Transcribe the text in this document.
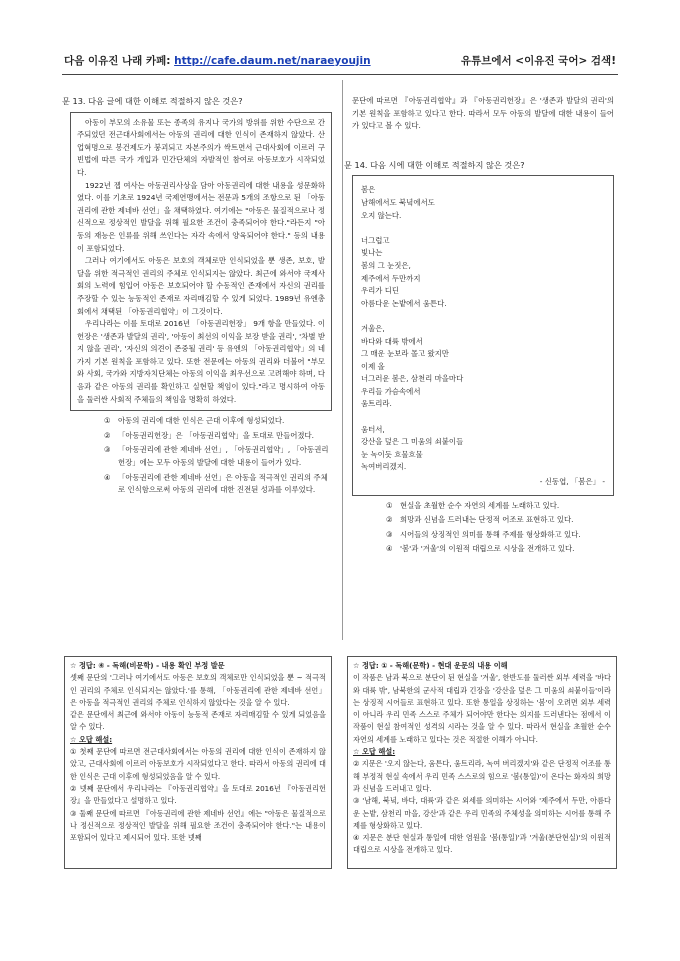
다음 이유진 나래 카페: http://cafe.daum.net/naraeyoujin	유튜브에서 <이유진 국어> 검색!
문 13. 다음 글에 대한 이해로 적절하지 않은 것은?

아동이 부모의 소유물 또는 종족의 유지나 국가의 방위를 위한 수단으로 간주되었던 전근대사회에서는 아동의 권리에 대한 인식이 존재하지 않았다. 산업혁명으로 봉건제도가 붕괴되고 자본주의가 싹트면서 근대사회에 이르러 구빈법에 따른 국가 개입과 민간단체의 자발적인 참여로 아동보호가 시작되었다.

1922년 젭 여사는 아동권리사상을 담아 아동권리에 대한 내용을 성문화하였다. 이를 기초로 1924년 국제연맹에서는 전문과 5개의 조항으로 된 「아동권리에 관한 제네바 선언」을 채택하였다. 여기에는 "아동은 물질적으로나 정신적으로 정상적인 발달을 위해 필요한 조건이 충족되어야 한다."라든지 "아동의 재능은 인류를 위해 쓰인다는 자각 속에서 양육되어야 한다." 등의 내용이 포함되었다.

그러나 여기에서도 아동은 보호의 객체로만 인식되었을 뿐 생존, 보호, 발달을 위한 적극적인 권리의 주체로 인식되지는 않았다. 최근에 와서야 국제사회의 노력에 힘입어 아동은 보호되어야 할 수동적인 존재에서 자신의 권리를 주장할 수 있는 능동적인 존재로 자리매김할 수 있게 되었다. 1989년 유엔총회에서 채택된 「아동권리협약」이 그것이다.

우리나라는 이를 토대로 2016년 「아동권리헌장」 9개 항을 만들었다. 이 헌장은 '생존과 발달의 권리', '아동이 최선의 이익을 보장 받을 권리', '차별 받지 않을 권리', '자신의 의견이 존중될 권리' 등 유엔의 「아동권리협약」의 네 가지 기본 원칙을 포함하고 있다. 또한 전문에는 아동의 권리와 더불어 "부모와 사회, 국가와 지방자치단체는 아동의 이익을 최우선으로 고려해야 하며, 다음과 같은 아동의 권리를 확인하고 실현할 책임이 있다."라고 명시하여 아동을 둘러싼 사회적 주체들의 책임을 명확히 하였다.

① 아동의 권리에 대한 인식은 근대 이후에 형성되었다.
② 「아동권리헌장」은 「아동권리협약」을 토대로 만들어졌다.
③ 「아동권리에 관한 제네바 선언」, 「아동권리협약」, 「아동권리헌장」에는 모두 아동의 발달에 대한 내용이 들어가 있다.
④ 「아동권리에 관한 제네바 선언」은 아동을 적극적인 권리의 주체로 인식함으로써 아동의 권리에 대한 진전된 성과를 이루었다.

문단에 따르면 『아동권리협약』과 『아동권리헌장』은 '생존과 발달의 권리'의 기본 원칙을 포함하고 있다고 한다. 따라서 모두 아동의 발달에 대한 내용이 들어가 있다고 볼 수 있다.

문 14. 다음 시에 대한 이해로 적절하지 않은 것은?
봄은
남해에서도 북녘에서도
오지 않는다.
너그럽고
빛나는
봄의 그 눈짓은,
제주에서 두만까지
우리가 디딘
아름다운 논밭에서 움튼다.
겨울은,
바다와 대륙 밖에서
그 매운 눈보라 몰고 왔지만
이제 올
너그러운 봄은, 삼천리 마을마다
우리들 가슴속에서
움트리라.
움터서,
강산을 덮은 그 미움의 쇠붙이들
눈 녹이듯 흐물흐물
녹여버리겠지.
- 신동엽, 「봄은」 -
① 현실을 초월한 순수 자연의 세계를 노래하고 있다.
② 희망과 신념을 드러내는 단정적 어조로 표현하고 있다.
③ 시어들의 상징적인 의미를 통해 주제를 형상화하고 있다.
④ '봄'과 '겨울'의 이원적 대립으로 시상을 전개하고 있다.
☆ 정답: ④ - 독해(비문학) - 내용 확인 부정 발문

셋째 문단의 '그러나 여기에서도 아동은 보호의 객체로만 인식되었을 뿐 ~ 적극적인 권리의 주체로 인식되지는 않았다.'를 통해, 「아동권리에 관한 제네바 선언」은 아동을 적극적인 권리의 주체로 인식하지 않았다는 것을 알 수 있다.

같은 문단에서 최근에 와서야 아동이 능동적 존재로 자리매김할 수 있게 되었음을 알 수 있다.

☆ 오답 해설:

① 첫째 문단에 따르면 전근대사회에서는 아동의 권리에 대한 인식이 존재하지 않았고, 근대사회에 이르러 아동보호가 시작되었다고 한다. 따라서 아동의 권리에 대한 인식은 근대 이후에 형성되었음을 알 수 있다.

② 넷째 문단에서 우리나라는 『아동권리협약』을 토대로 2016년 『아동권리헌장』을 만들었다고 설명하고 있다.

③ 둘째 문단에 따르면 『아동권리에 관한 제네바 선언』에는 "아동은 물질적으로나 정신적으로 정상적인 발달을 위해 필요한 조건이 충족되어야 한다."는 내용이 포함되어 있다고 제시되어 있다. 또한 넷째

☆ 정답: ① - 독해(문학) - 현대 운문의 내용 이해

이 작품은 남과 북으로 분단이 된 현실을 '겨울', 한반도를 둘러싼 외부 세력을 '바다와 대륙 밖', 남북한의 군사적 대립과 긴장을 '강산을 덮은 그 미움의 쇠붙이들'이라는 상징적 시어들로 표현하고 있다. 또한 통일을 상징하는 '봄'이 오려면 외부 세력이 아니라 우리 민족 스스로 주체가 되어야만 한다는 의지를 드러낸다는 점에서 이 작품이 현실 참여적인 성격의 시라는 것을 알 수 있다. 따라서 현실을 초월한 순수 자연의 세계를 노래하고 있다는 것은 적절한 이해가 아니다.

☆ 오답 해설:

② 지문은 '오지 않는다, 움튼다, 움트리라, 녹여 버리겠지'와 같은 단정적 어조를 통해 부정적 현실 속에서 우리 민족 스스로의 힘으로 '봄(통일)'이 온다는 화자의 희망과 신념을 드러내고 있다.

③ '남해, 북녘, 바다, 대륙'과 같은 외세를 의미하는 시어와 '제주에서 두만, 아름다운 논밭, 삼천리 마을, 강산'과 같은 우리 민족의 주체성을 의미하는 시어를 통해 주제를 형상화하고 있다.

④ 지문은 분단 현실과 통일에 대한 염원을 '봄(통일)'과 '겨울(분단현실)'의 이원적 대립으로 시상을 전개하고 있다.
